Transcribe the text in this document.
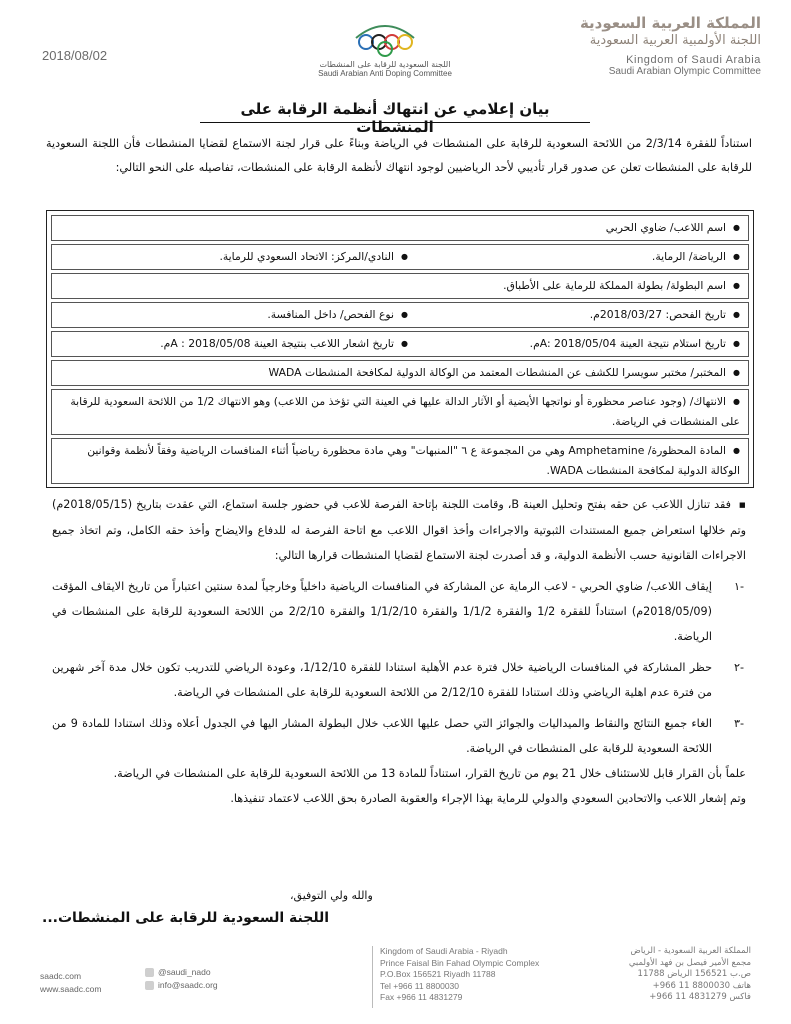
2018/08/02
اللجنة السعودية للرقابة على المنشطات
Saudi Arabian Anti Doping Committee
المملكة العربية السعودية
اللجنة الأولمبية العربية السعودية
Kingdom of Saudi Arabia
Saudi Arabian Olympic Committee
بيان إعلامي عن انتهاك أنظمة الرقابة على المنشطات
استناداً للفقرة 2/3/14 من اللائحة السعودية للرقابة على المنشطات في الرياضة وبناءً على قرار لجنة الاستماع لقضايا المنشطات فأن اللجنة السعودية للرقابة على المنشطات تعلن عن صدور قرار تأديبي لأحد الرياضيين لوجود انتهاك لأنظمة الرقابة على المنشطات، تفاصيله على النحو التالي:
●اسم اللاعب/ ضاوي الحربي
●الرياضة/ الرماية.
●النادي/المركز: الاتحاد السعودي للرماية.
●اسم البطولة/ بطولة المملكة للرماية على الأطباق.
●تاريخ الفحص: 2018/03/27م.
●نوع الفحص/ داخل المنافسة.
●تاريخ استلام نتيجة العينة A: 2018/05/04م.
●تاريخ اشعار اللاعب بنتيجة العينة A : 2018/05/08م.
●المختبر/ مختبر سويسرا للكشف عن المنشطات المعتمد من الوكالة الدولية لمكافحة المنشطات WADA
●الانتهاك/ (وجود عناصر محظورة أو نواتجها الأيضية أو الآثار الدالة عليها في العينة التي تؤخذ من اللاعب) وهو الانتهاك 1/2 من اللائحة السعودية للرقابة على المنشطات في الرياضة.
●المادة المحظورة/ Amphetamine وهي من المجموعة ع ٦ "المنبهات" وهي مادة محظورة رياضياً أثناء المنافسات الرياضية وفقاً لأنظمة وقوانين الوكالة الدولية لمكافحة المنشطات WADA.

■فقد تنازل اللاعب عن حقه بفتح وتحليل العينة B، وقامت اللجنة بإتاحة الفرصة للاعب في حضور جلسة استماع، التي عقدت بتاريخ (2018/05/15م) وتم خلالها استعراض جميع المستندات الثبوتية والاجراءات وأخذ اقوال اللاعب مع اتاحة الفرصة له للدفاع والايضاح وأخذ حقه الكامل، وتم اتخاذ جميع الاجراءات القانونية حسب الأنظمة الدولية، و قد أصدرت لجنة الاستماع لقضايا المنشطات قرارها التالي:

-١
إيقاف اللاعب/ ضاوي الحربي - لاعب الرماية عن المشاركة في المنافسات الرياضية داخلياً وخارجياً لمدة سنتين اعتباراً من تاريخ الايقاف المؤقت (2018/05/09م) استناداً للفقرة 1/2 والفقرة 1/1/2 والفقرة 1/1/2/10 والفقرة 2/2/10 من اللائحة السعودية للرقابة على المنشطات في الرياضة.
-٢
حظر المشاركة في المنافسات الرياضية خلال فترة عدم الأهلية استنادا للفقرة 1/12/10، وعودة الرياضي للتدريب تكون خلال مدة آخر شهرين من فترة عدم اهلية الرياضي وذلك استنادا للفقرة 2/12/10 من اللائحة السعودية للرقابة على المنشطات في الرياضة.
-٣
الغاء جميع النتائج والنقاط والميداليات والجوائز التي حصل عليها اللاعب خلال البطولة المشار اليها في الجدول أعلاه وذلك استنادا للمادة 9 من اللائحة السعودية للرقابة على المنشطات في الرياضة.

علماً بأن القرار قابل للاستئناف خلال 21 يوم من تاريخ القرار، استناداً للمادة 13 من اللائحة السعودية للرقابة على المنشطات في الرياضة.

وتم إشعار اللاعب والاتحادين السعودي والدولي للرماية بهذا الإجراء والعقوبة الصادرة بحق اللاعب لاعتماد تنفيذها.

والله ولي التوفيق،
اللجنة السعودية للرقابة على المنشطات...
saadc.com
www.saadc.com
@saudi_nado
info@saadc.org
Kingdom of Saudi Arabia - Riyadh
Prince Faisal Bin Fahad Olympic Complex
P.O.Box 156521 Riyadh 11788
Tel +966 11 8800030
Fax +966 11 4831279
المملكة العربية السعودية - الرياض
مجمع الأمير فيصل بن فهد الأولمبي
ص.ب 156521 الرياض 11788
هاتف 8800030 11 966+
فاكس 4831279 11 966+
